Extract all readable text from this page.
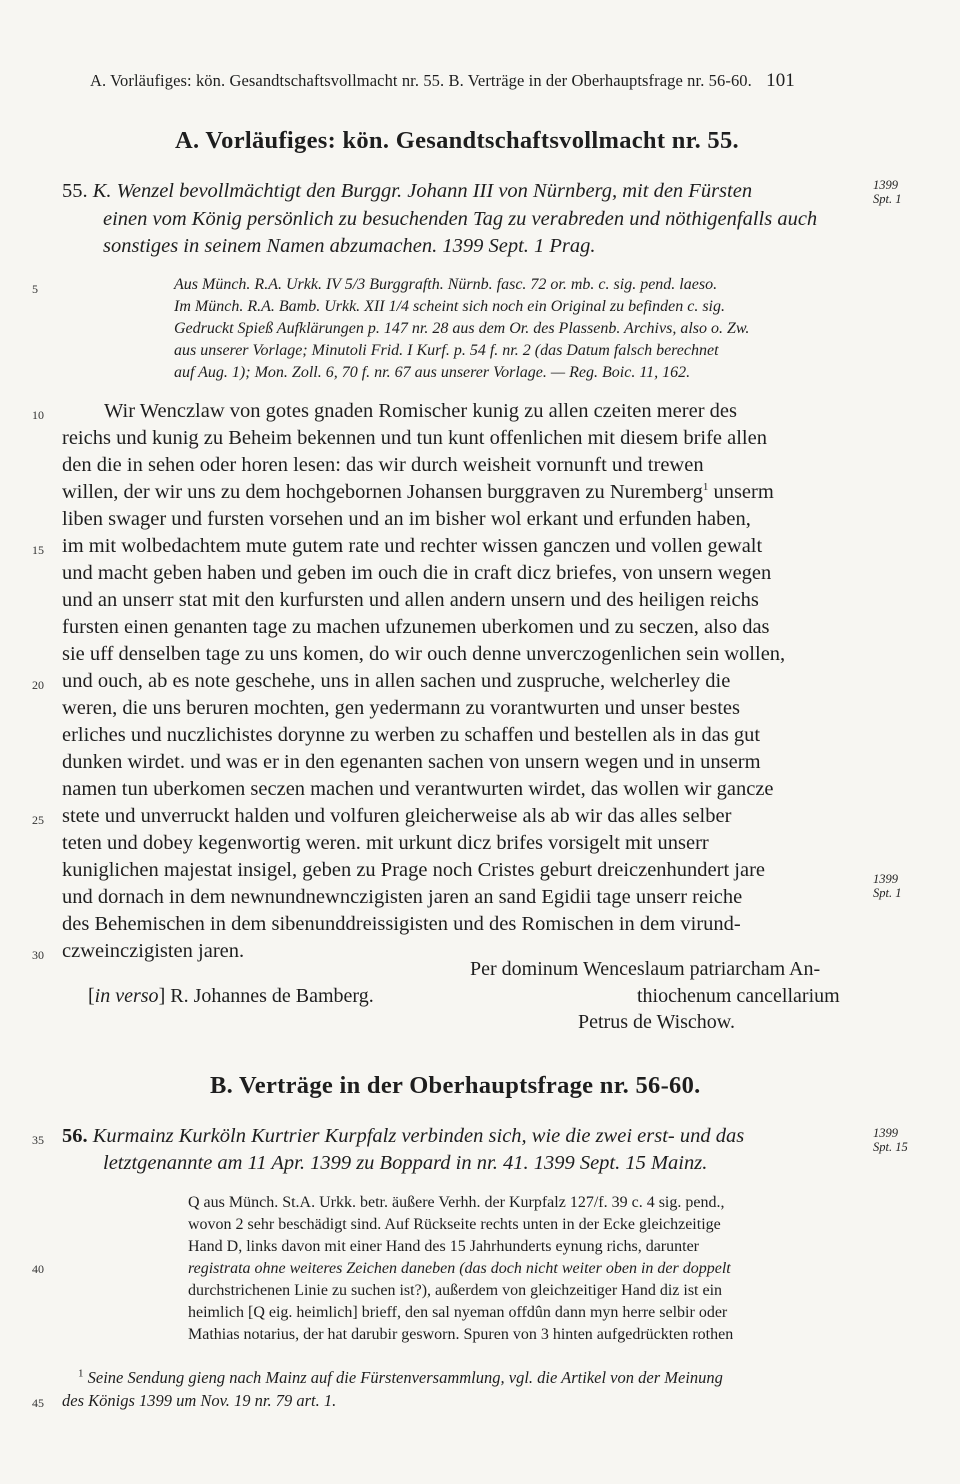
A. Vorläufiges: kön. Gesandtschaftsvollmacht nr. 55. B. Verträge in der Oberhauptsfrage nr. 56-60. 101
A. Vorläufiges: kön. Gesandtschaftsvollmacht nr. 55.
55. K. Wenzel bevollmächtigt den Burggr. Johann III von Nürnberg, mit den Fürsten
einen vom König persönlich zu besuchenden Tag zu verabreden und nöthigenfalls auch
sonstiges in seinem Namen abzumachen. 1399 Sept. 1 Prag.
1399
Spt. 1
Aus Münch. R.A. Urkk. IV 5/3 Burggrafth. Nürnb. fasc. 72 or. mb. c. sig. pend. laeso.
Im Münch. R.A. Bamb. Urkk. XII 1/4 scheint sich noch ein Original zu befinden c. sig.
Gedruckt Spieß Aufklärungen p. 147 nr. 28 aus dem Or. des Plassenb. Archivs, also o. Zw.
aus unserer Vorlage; Minutoli Frid. I Kurf. p. 54 f. nr. 2 (das Datum falsch berechnet
auf Aug. 1); Mon. Zoll. 6, 70 f. nr. 67 aus unserer Vorlage. — Reg. Boic. 11, 162.
Wir Wenczlaw von gotes gnaden Romischer kunig zu allen czeiten merer des
reichs und kunig zu Beheim bekennen und tun kunt offenlichen mit diesem brife allen
den die in sehen oder horen lesen: das wir durch weisheit vornunft und trewen
willen, der wir uns zu dem hochgebornen Johansen burggraven zu Nuremberg$^1$ unserm
liben swager und fursten vorsehen und an im bisher wol erkant und erfunden haben,
im mit wolbedachtem mute gutem rate und rechter wissen ganczen und vollen gewalt
und macht geben haben und geben im ouch die in craft dicz briefes, von unsern wegen
und an unserr stat mit den kurfursten und allen andern unsern und des heiligen reichs
fursten einen genanten tage zu machen ufzunemen uberkomen und zu seczen, also das
sie uff denselben tage zu uns komen, do wir ouch denne unverczogenlichen sein wollen,
und ouch, ab es note geschehe, uns in allen sachen und zuspruche, welcherley die
weren, die uns beruren mochten, gen yedermann zu vorantwurten und unser bestes
erliches und nuczlichistes dorynne zu werben zu schaffen und bestellen als in das gut
dunken wirdet. und was er in den egenanten sachen von unsern wegen und in unserm
namen tun uberkomen seczen machen und verantwurten wirdet, das wollen wir gancze
stete und unverruckt halden und volfuren gleicherweise als ab wir das alles selber
teten und dobey kegenwortig weren. mit urkunt dicz brifes vorsigelt mit unserr
kuniglichen majestat insigel, geben zu Prage noch Cristes geburt dreiczenhundert jare
und dornach in dem newnundnewnczigisten jaren an sand Egidii tage unserr reiche
des Behemischen in dem sibenunddreissigisten und des Romischen in dem virund-
czweinczigisten jaren.
1399
Spt. 1
Per dominum Wenceslaum patriarcham An-
[in verso] R. Johannes de Bamberg.	thiochenum cancellarium
Petrus de Wischow.
B. Verträge in der Oberhauptsfrage nr. 56-60.
56. Kurmainz Kurköln Kurtrier Kurpfalz verbinden sich, wie die zwei erst- und das
letztgenannte am 11 Apr. 1399 zu Boppard in nr. 41. 1399 Sept. 15 Mainz.
1399
Spt. 15
Q aus Münch. St.A. Urkk. betr. äußere Verhh. der Kurpfalz 127/f. 39 c. 4 sig. pend.,
wovon 2 sehr beschädigt sind. Auf Rückseite rechts unten in der Ecke gleichzeitige
Hand D, links davon mit einer Hand des 15 Jahrhunderts eynung richs, darunter
registrata ohne weiteres Zeichen daneben (das doch nicht weiter oben in der doppelt
durchstrichenen Linie zu suchen ist?), außerdem von gleichzeitiger Hand diz ist ein
heimlich [Q eig. heimlich] brieff, den sal nyeman offdûn dann myn herre selbir oder
Mathias notarius, der hat darubir gesworn. Spuren von 3 hinten aufgedrückten rothen
$^1$ Seine Sendung gieng nach Mainz auf die Fürstenversammlung, vgl. die Artikel von der Meinung
des Königs 1399 um Nov. 19 nr. 79 art. 1.
5
10
15
20
25
30
35
40
45
